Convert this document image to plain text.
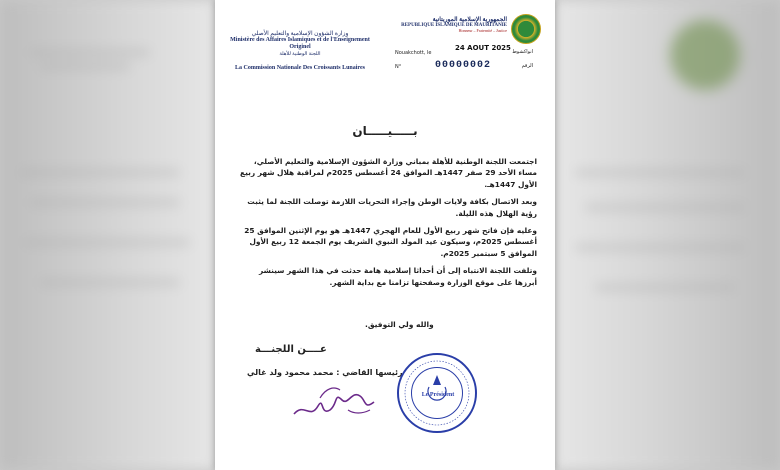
وزارة الشؤون الإسلامية والتعليم الأصلي
Ministère des Affaires Islamiques et de l'Enseignement Originel
اللجنة الوطنية للأهلة
La Commission Nationale Des Croissants Lunaires
الجمهورية الإسلامية الموريتانية
REPUBLIQUE ISLAMIQUE DE MAURITANIE
Honneur – Fraternité – Justice
Nouakchott, le
24 AOUT 2025 انواكشوط
N°	00000002	الرقم
بـــــيـــــان

اجتمعت اللجنة الوطنية للأهلة بمباني وزارة الشؤون الإسلامية والتعليم الأصلي، مساء الأحد 29 صفر 1447هـ الموافق 24 أغسطس 2025م لمراقبة هلال شهر ربيع الأول 1447هـ.

وبعد الاتصال بكافة ولايات الوطن وإجراء التحريات اللازمة توصلت اللجنة لما يثبت رؤية الهلال هذه الليلة.

وعليه فإن فاتح شهر ربيع الأول للعام الهجري 1447هـ هو يوم الإثنين الموافق 25 أغسطس 2025م، وسيكون عيد المولد النبوي الشريف يوم الجمعة 12 ربيع الأول الموافق 5 سبتمبر 2025م.

وتلفت اللجنة الانتباه إلى أن أحداثا إسلامية هامة حدثت في هذا الشهر سينشر أبرزها على موقع الوزارة وصفحتها تزامنا مع بداية الشهر.

والله ولي التوفيق.
عــــن اللجنـــة
رئيسها القاضي : محمد محمود ولد غالي
Le Président
